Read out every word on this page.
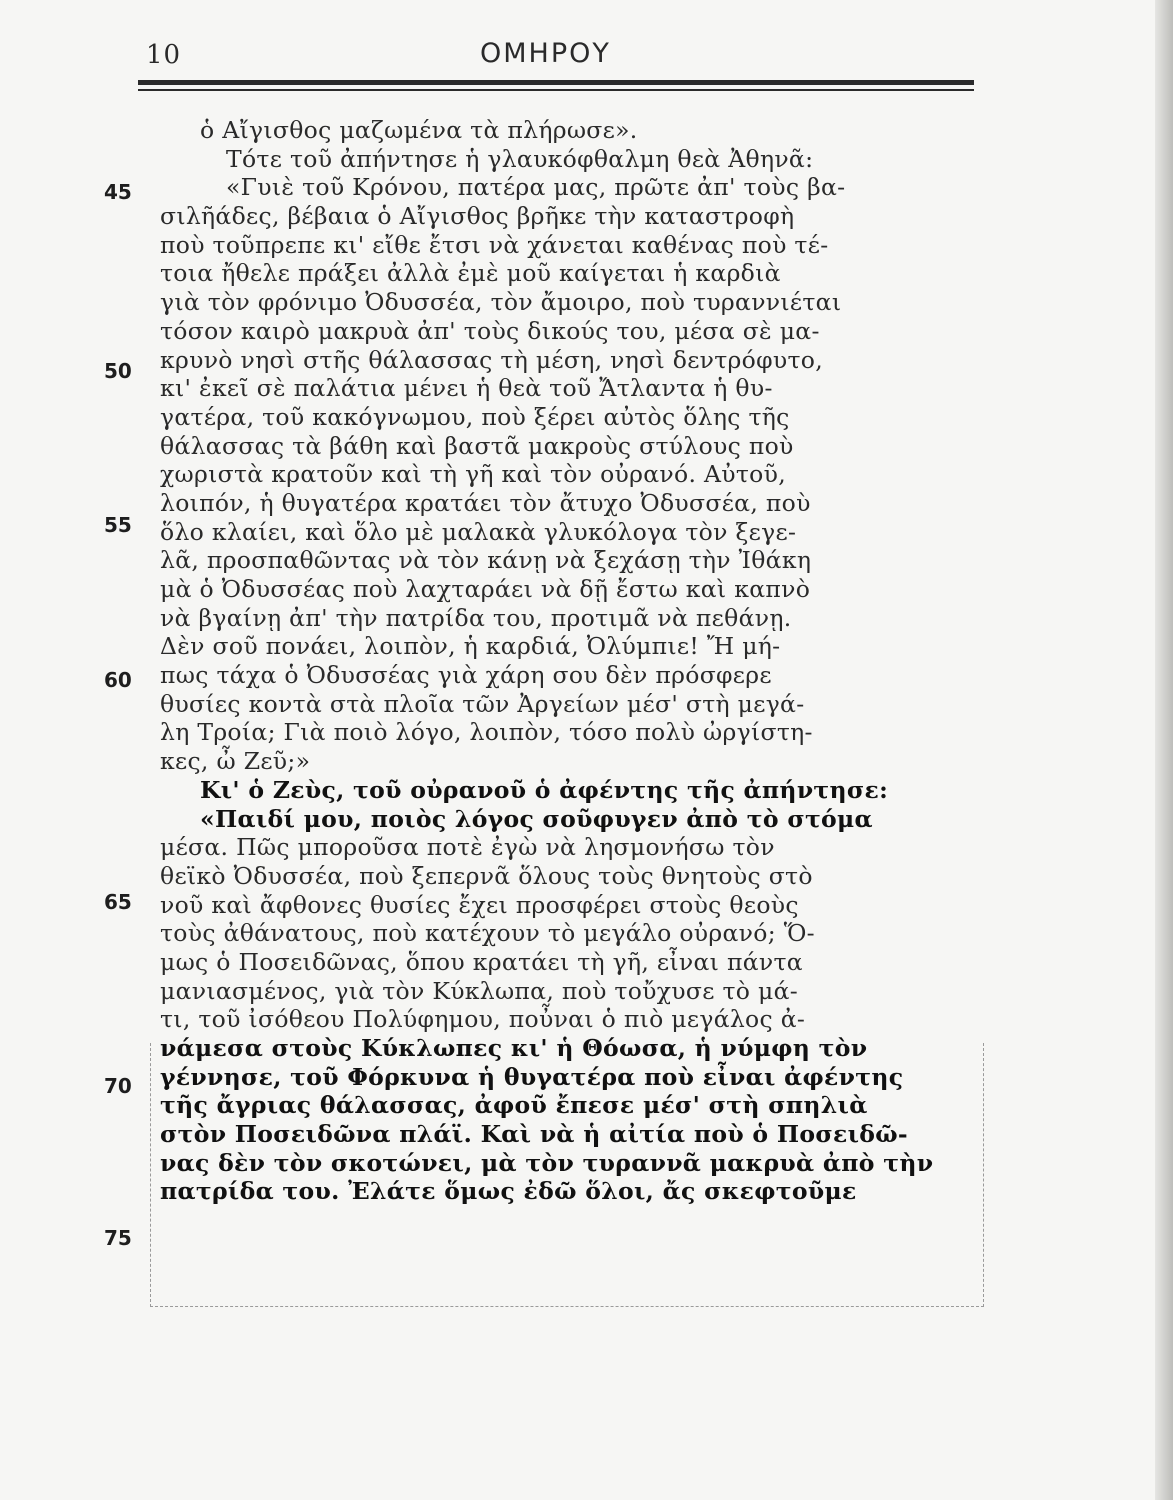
10	ΟΜΗΡΟΥ
45
50
55
60
65
70
75
ὁ Αἴγισθος μαζωμένα τὰ πλήρωσε».
Τότε τοῦ ἀπήντησε ἡ γλαυκόφθαλμη θεὰ Ἀθηνᾶ:
«Γυιὲ τοῦ Κρόνου, πατέρα μας, πρῶτε ἀπ' τοὺς βα-
σιλῆάδες, βέβαια ὁ Αἴγισθος βρῆκε τὴν καταστροφὴ
ποὺ τοῦπρεπε κι' εἴθε ἔτσι νὰ χάνεται καθένας ποὺ τέ-
τοια ἤθελε πράξει ἀλλὰ ἐμὲ μοῦ καίγεται ἡ καρδιὰ
γιὰ τὸν φρόνιμο Ὀδυσσέα, τὸν ἄμοιρο, ποὺ τυραννιέται
τόσον καιρὸ μακρυὰ ἀπ' τοὺς δικούς του, μέσα σὲ μα-
κρυνὸ νησὶ στῆς θάλασσας τὴ μέση, νησὶ δεντρόφυτο,
κι' ἐκεῖ σὲ παλάτια μένει ἡ θεὰ τοῦ Ἄτλαντα ἡ θυ-
γατέρα, τοῦ κακόγνωμου, ποὺ ξέρει αὐτὸς ὅλης τῆς
θάλασσας τὰ βάθη καὶ βαστᾶ μακροὺς στύλους ποὺ
χωριστὰ κρατοῦν καὶ τὴ γῆ καὶ τὸν οὐρανό. Αὐτοῦ,
λοιπόν, ἡ θυγατέρα κρατάει τὸν ἄτυχο Ὀδυσσέα, ποὺ
ὅλο κλαίει, καὶ ὅλο μὲ μαλακὰ γλυκόλογα τὸν ξεγε-
λᾶ, προσπαθῶντας νὰ τὸν κάνῃ νὰ ξεχάσῃ τὴν Ἰθάκη
μὰ ὁ Ὀδυσσέας ποὺ λαχταράει νὰ δῇ ἔστω καὶ καπνὸ
νὰ βγαίνῃ ἀπ' τὴν πατρίδα του, προτιμᾶ νὰ πεθάνῃ.
Δὲν σοῦ πονάει, λοιπὸν, ἡ καρδιά, Ὀλύμπιε! Ἤ μή-
πως τάχα ὁ Ὀδυσσέας γιὰ χάρη σου δὲν πρόσφερε
θυσίες κοντὰ στὰ πλοῖα τῶν Ἀργείων μέσ' στὴ μεγά-
λη Τροία; Γιὰ ποιὸ λόγο, λοιπὸν, τόσο πολὺ ὠργίστη-
κες, ὦ Ζεῦ;»
Κι' ὁ Ζεὺς, τοῦ οὐρανοῦ ὁ ἀφέντης τῆς ἀπήντησε:
«Παιδί μου, ποιὸς λόγος σοῦφυγεν ἀπὸ τὸ στόμα
μέσα. Πῶς μποροῦσα ποτὲ ἐγὼ νὰ λησμονήσω τὸν
θεϊκὸ Ὀδυσσέα, ποὺ ξεπερνᾶ ὅλους τοὺς θνητοὺς στὸ
νοῦ καὶ ἄφθονες θυσίες ἔχει προσφέρει στοὺς θεοὺς
τοὺς ἀθάνατους, ποὺ κατέχουν τὸ μεγάλο οὐρανό; Ὅ-
μως ὁ Ποσειδῶνας, ὅπου κρατάει τὴ γῆ, εἶναι πάντα
μανιασμένος, γιὰ τὸν Κύκλωπα, ποὺ τοὔχυσε τὸ μά-
τι, τοῦ ἰσόθεου Πολύφημου, ποὖναι ὁ πιὸ μεγάλος ἀ-
νάμεσα στοὺς Κύκλωπες κι' ἡ Θόωσα, ἡ νύμφη τὸν
γέννησε, τοῦ Φόρκυνα ἡ θυγατέρα ποὺ εἶναι ἀφέντης
τῆς ἄγριας θάλασσας, ἀφοῦ ἔπεσε μέσ' στὴ σπηλιὰ
στὸν Ποσειδῶνα πλάϊ. Καὶ νὰ ἡ αἰτία ποὺ ὁ Ποσειδῶ-
νας δὲν τὸν σκοτώνει, μὰ τὸν τυραννᾶ μακρυὰ ἀπὸ τὴν
πατρίδα του. Ἐλάτε ὅμως ἐδῶ ὅλοι, ἄς σκεφτοῦμε
